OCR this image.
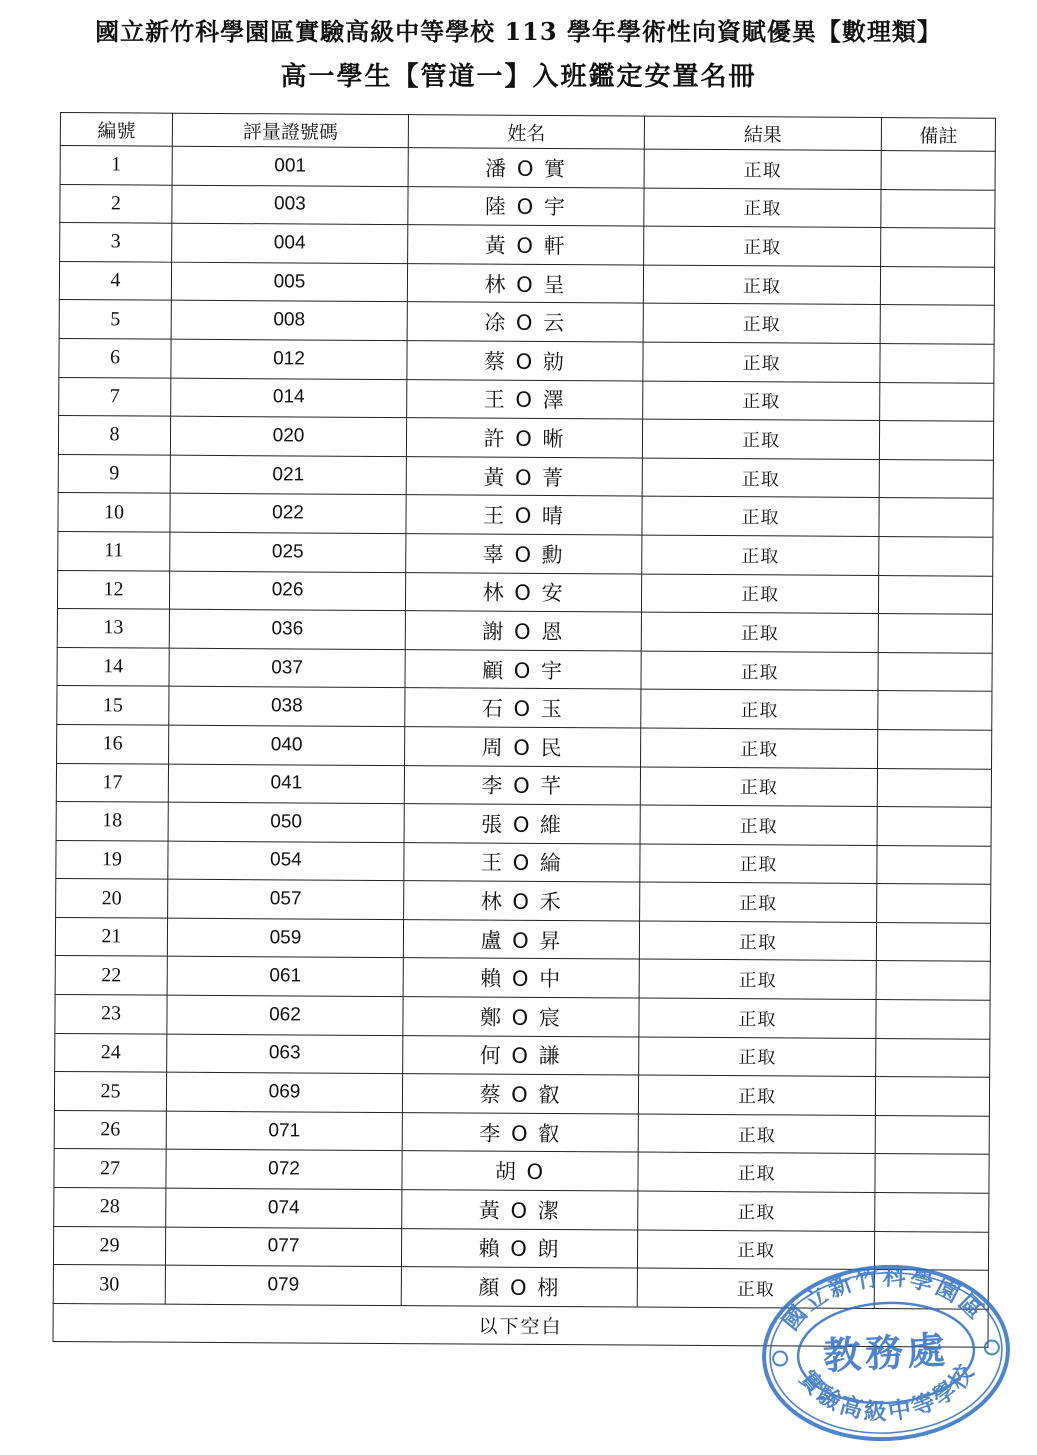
國立新竹科學園區實驗高級中等學校 113 學年學術性向資賦優異【數理類】
高一學生【管道一】入班鑑定安置名冊
編號	評量證號碼	姓名	結果	備註
1	001	潘 O 實	正取	
2	003	陸 O 宇	正取	
3	004	黃 O 軒	正取	
4	005	林 O 呈	正取	
5	008	凃 O 云	正取	
6	012	蔡 O 勍	正取	
7	014	王 O 澤	正取	
8	020	許 O 晰	正取	
9	021	黃 O 菁	正取	
10	022	王 O 晴	正取	
11	025	辜 O 勳	正取	
12	026	林 O 安	正取	
13	036	謝 O 恩	正取	
14	037	顧 O 宇	正取	
15	038	石 O 玉	正取	
16	040	周 O 民	正取	
17	041	李 O 芊	正取	
18	050	張 O 維	正取	
19	054	王 O 綸	正取	
20	057	林 O 禾	正取	
21	059	盧 O 昇	正取	
22	061	賴 O 中	正取	
23	062	鄭 O 宸	正取	
24	063	何 O 謙	正取	
25	069	蔡 O 叡	正取	
26	071	李 O 叡	正取	
27	072	胡 O	正取	
28	074	黃 O 潔	正取	
29	077	賴 O 朗	正取	
30	079	顏 O 栩	正取	
以下空白					國立新竹科學園區
實驗高級中等學校
教務處
